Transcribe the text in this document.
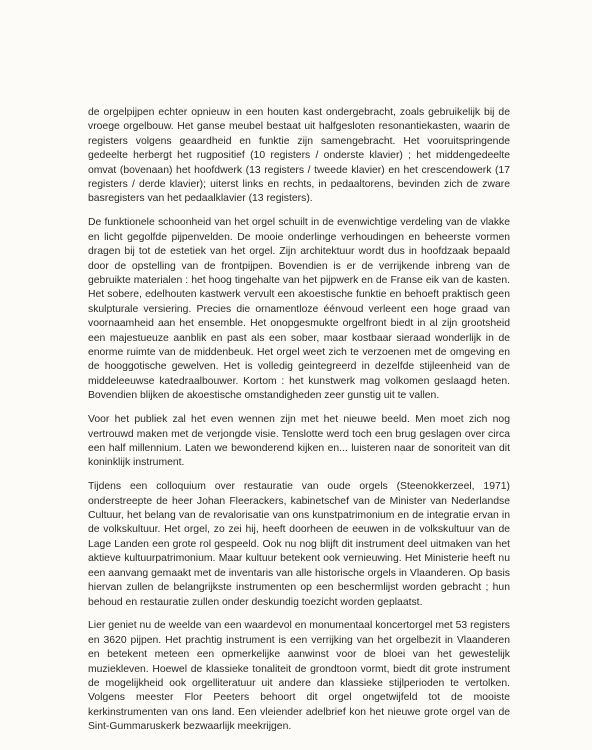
de orgelpijpen echter opnieuw in een houten kast ondergebracht, zoals gebruikelijk bij de vroege orgelbouw. Het ganse meubel bestaat uit halfgesloten resonantiekasten, waarin de registers volgens geaardheid en funktie zijn samengebracht. Het vooruitspringende gedeelte herbergt het rugpositief (10 registers / onderste klavier) ; het middengedeelte omvat (bovenaan) het hoofdwerk (13 registers / tweede klavier) en het crescendowerk (17 registers / derde klavier); uiterst links en rechts, in pedaaltorens, bevinden zich de zware basregisters van het pedaalklavier (13 registers).

De funktionele schoonheid van het orgel schuilt in de evenwichtige verdeling van de vlakke en licht gegolfde pijpenvelden. De mooie onderlinge verhoudingen en beheerste vormen dragen bij tot de estetiek van het orgel. Zijn architektuur wordt dus in hoofdzaak bepaald door de opstelling van de frontpijpen. Bovendien is er de verrijkende inbreng van de gebruikte materialen : het hoog tingehalte van het pijpwerk en de Franse eik van de kasten. Het sobere, edelhouten kastwerk vervult een akoestische funktie en behoeft praktisch geen skulpturale versiering. Precies die ornamentloze éénvoud verleent een hoge graad van voornaamheid aan het ensemble. Het onopgesmukte orgelfront biedt in al zijn grootsheid een majestueuze aanblik en past als een sober, maar kostbaar sieraad wonderlijk in de enorme ruimte van de middenbeuk. Het orgel weet zich te verzoenen met de omgeving en de hooggotische gewelven. Het is volledig geintegreerd in dezelfde stijleenheid van de middeleeuwse katedraalbouwer. Kortom : het kunstwerk mag volkomen geslaagd heten. Bovendien blijken de akoestische omstandigheden zeer gunstig uit te vallen.

Voor het publiek zal het even wennen zijn met het nieuwe beeld. Men moet zich nog vertrouwd maken met de verjongde visie. Tenslotte werd toch een brug geslagen over circa een half millennium. Laten we bewonderend kijken en... luisteren naar de sonoriteit van dit koninklijk instrument.

Tijdens een colloquium over restauratie van oude orgels (Steenokkerzeel, 1971) onderstreepte de heer Johan Fleerackers, kabinetschef van de Minister van Nederlandse Cultuur, het belang van de revalorisatie van ons kunstpatrimonium en de integratie ervan in de volkskultuur. Het orgel, zo zei hij, heeft doorheen de eeuwen in de volkskultuur van de Lage Landen een grote rol gespeeld. Ook nu nog blijft dit instrument deel uitmaken van het aktieve kultuurpatrimonium. Maar kultuur betekent ook vernieuwing. Het Ministerie heeft nu een aanvang gemaakt met de inventaris van alle historische orgels in Vlaanderen. Op basis hiervan zullen de belangrijkste instrumenten op een beschermlijst worden gebracht ; hun behoud en restauratie zullen onder deskundig toezicht worden geplaatst.

Lier geniet nu de weelde van een waardevol en monumentaal koncertorgel met 53 registers en 3620 pijpen. Het prachtig instrument is een verrijking van het orgelbezit in Vlaanderen en betekent meteen een opmerkelijke aanwinst voor de bloei van het gewestelijk muziekleven. Hoewel de klassieke tonaliteit de grondtoon vormt, biedt dit grote instrument de mogelijkheid ook orgelliteratuur uit andere dan klassieke stijlperioden te vertolken. Volgens meester Flor Peeters behoort dit orgel ongetwijfeld tot de mooiste kerkinstrumenten van ons land. Een vleiender adelbrief kon het nieuwe grote orgel van de Sint-Gummaruskerk bezwaarlijk meekrijgen.
